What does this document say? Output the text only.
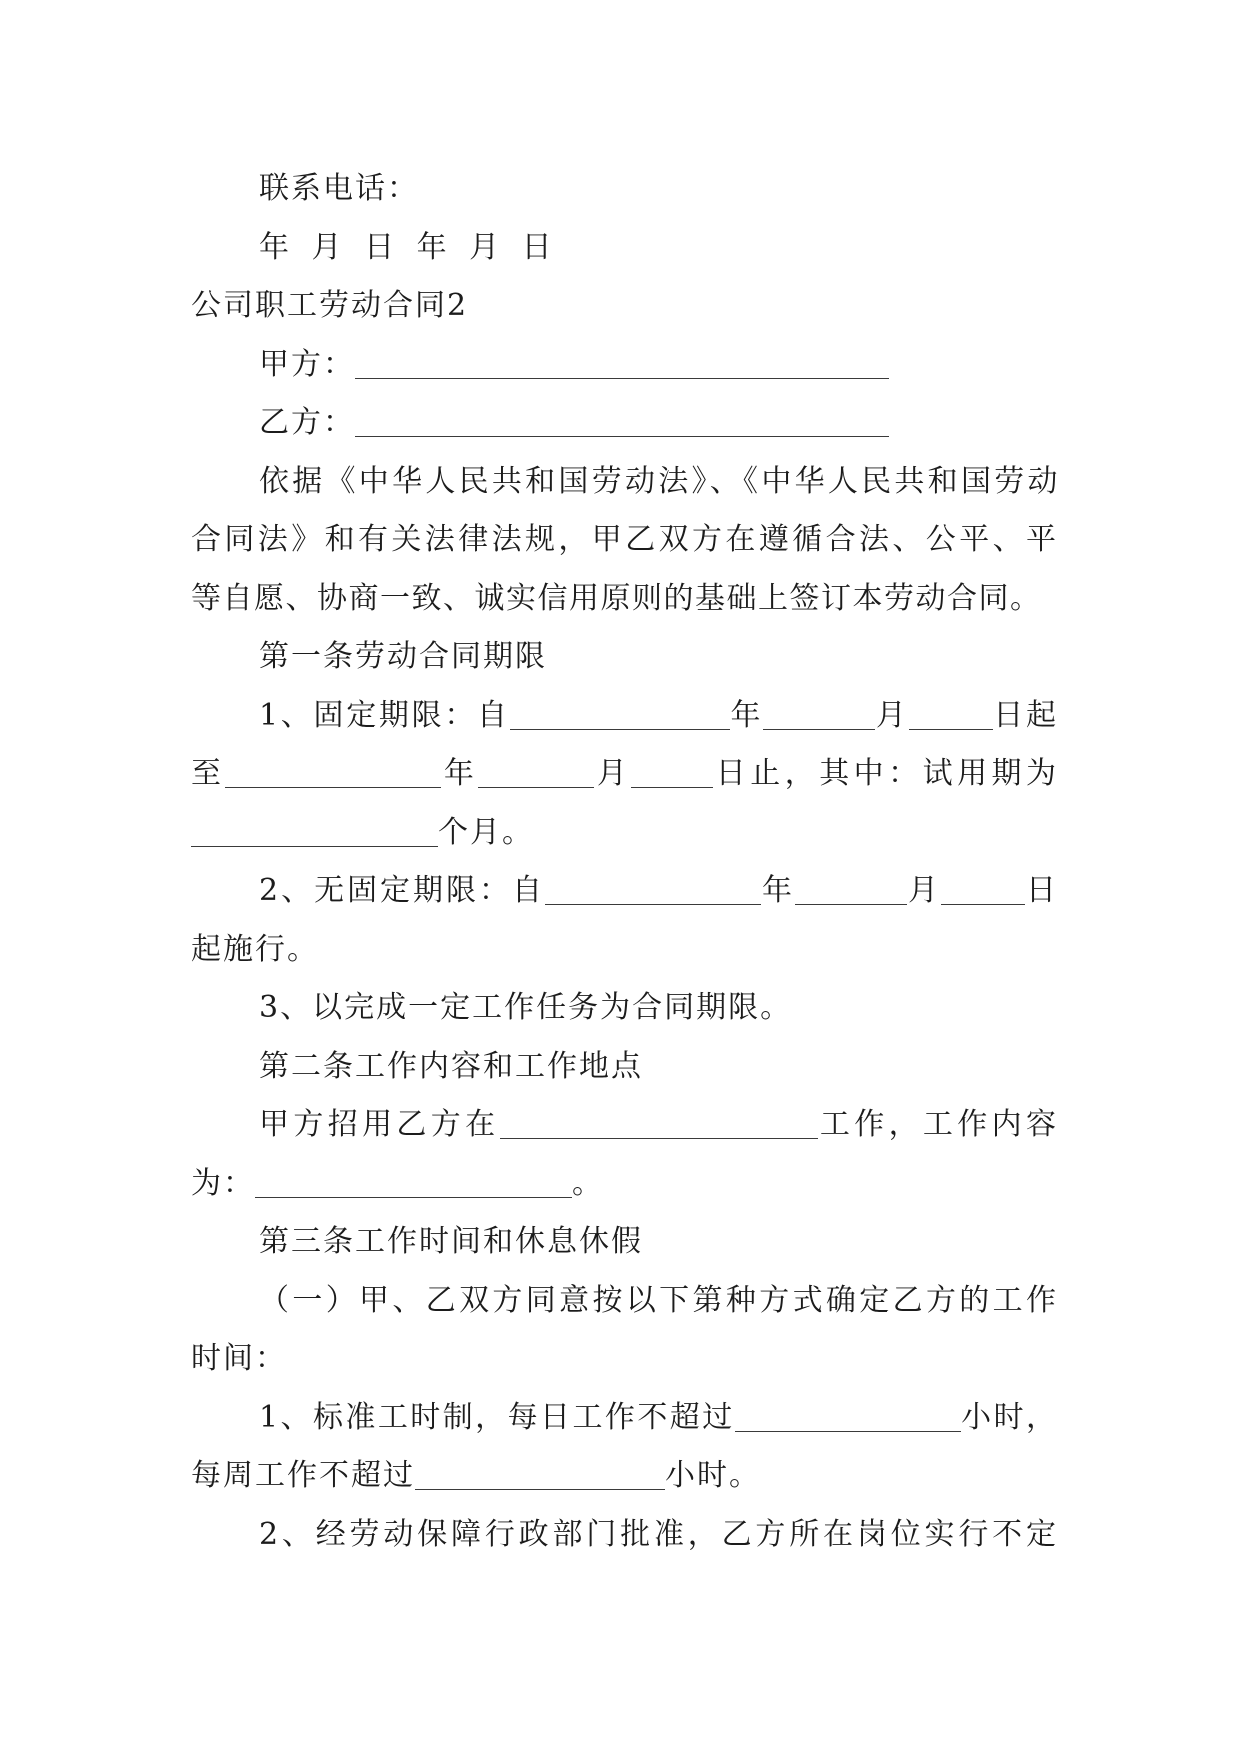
联系电话：
年 月 日 年 月 日
公司职工劳动合同2
甲方：
乙方：
依据《中华人民共和国劳动法》、《中华人民共和国劳动
合同法》和有关法律法规，甲乙双方在遵循合法、公平、平
等自愿、协商一致、诚实信用原则的基础上签订本劳动合同。
第一条劳动合同期限
1、固定期限：自	年	月	日起
至	年	月	日止，其中：试用期为
个月。
2、无固定期限：自	年	月	日
起施行。
3、以完成一定工作任务为合同期限。
第二条工作内容和工作地点
甲方招用乙方在	工作，工作内容
为：	。
第三条工作时间和休息休假
（一）甲、乙双方同意按以下第种方式确定乙方的工作
时间：
1、标准工时制，每日工作不超过	小时，
每周工作不超过	小时。
2、经劳动保障行政部门批准，乙方所在岗位实行不定
